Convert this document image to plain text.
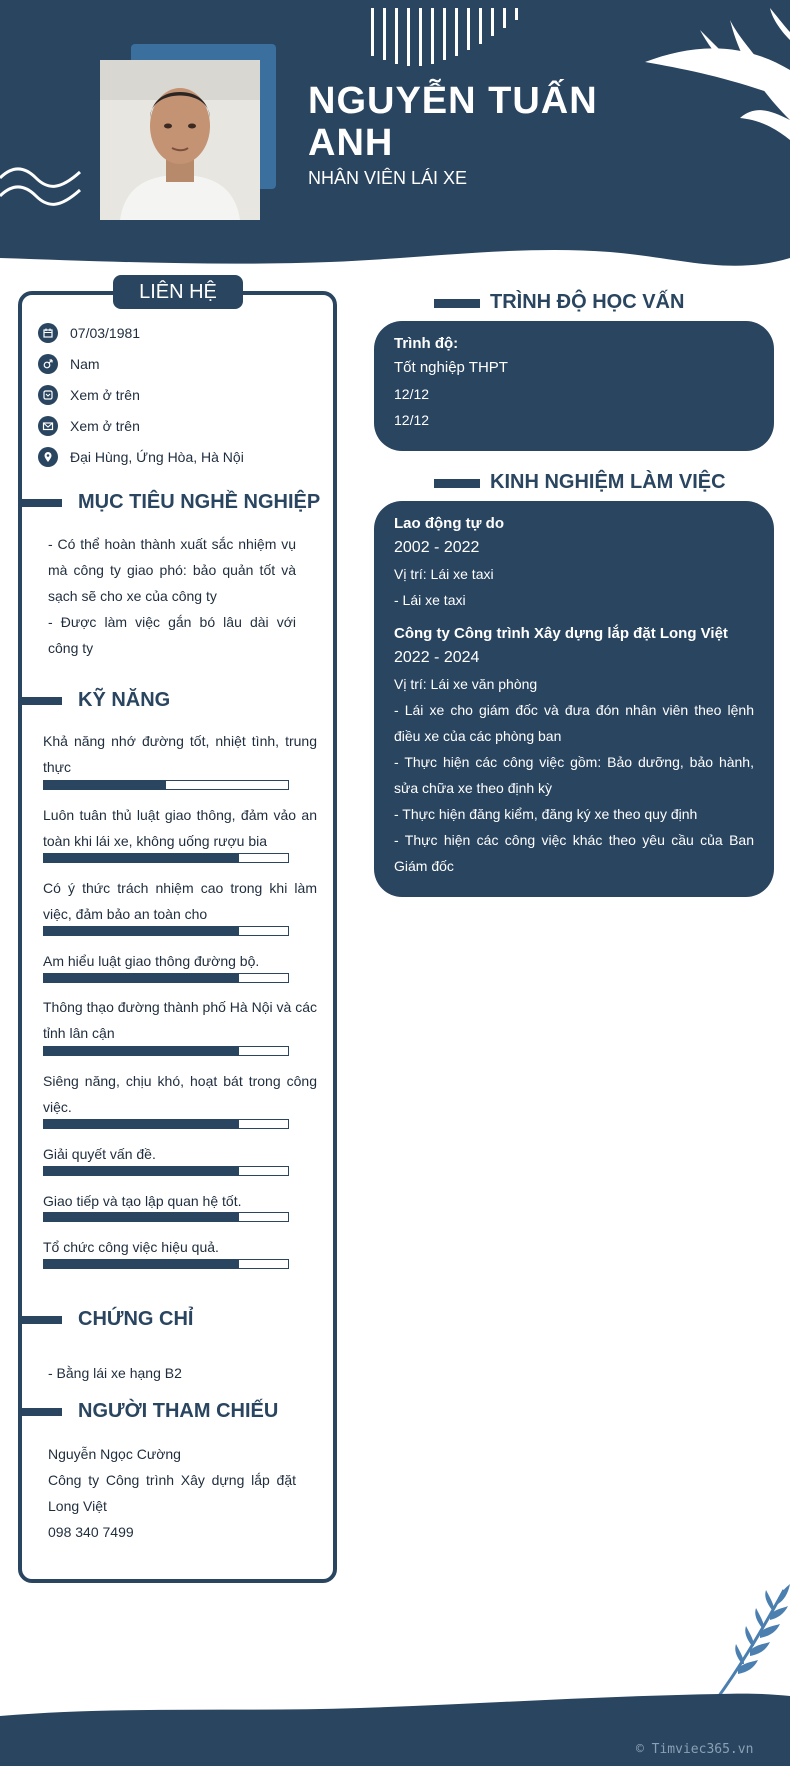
NGUYỄN TUẤN ANH
NHÂN VIÊN LÁI XE
LIÊN HỆ
07/03/1981
Nam
Xem ở trên
Xem ở trên
Đại Hùng, Ứng Hòa, Hà Nội
MỤC TIÊU NGHỀ NGHIỆP
- Có thể hoàn thành xuất sắc nhiệm vụ mà công ty giao phó: bảo quản tốt và sạch sẽ cho xe của công ty
- Được làm việc gắn bó lâu dài với công ty
KỸ NĂNG
Khả năng nhớ đường tốt, nhiệt tình, trung thực
Luôn tuân thủ luật giao thông, đảm vảo an toàn khi lái xe, không uống rượu bia
Có ý thức trách nhiệm cao trong khi làm việc, đảm bảo an toàn cho
Am hiểu luật giao thông đường bộ.
Thông thạo đường thành phố Hà Nội và các tỉnh lân cận
Siêng năng, chịu khó, hoạt bát trong công việc.
Giải quyết vấn đề.
Giao tiếp và tạo lập quan hệ tốt.
Tổ chức công việc hiệu quả.
CHỨNG CHỈ
- Bằng lái xe hạng B2
NGƯỜI THAM CHIẾU
Nguyễn Ngọc Cường
Công ty Công trình Xây dựng lắp đặt Long Việt
098 340 7499
TRÌNH ĐỘ HỌC VẤN
Trình độ:
Tốt nghiệp THPT
12/12
12/12
KINH NGHIỆM LÀM VIỆC
Lao động tự do
2002 - 2022
Vị trí: Lái xe taxi
- Lái xe taxi
Công ty Công trình Xây dựng lắp đặt Long Việt
2022 - 2024
Vị trí: Lái xe văn phòng
- Lái xe cho giám đốc và đưa đón nhân viên theo lệnh điều xe của các phòng ban
- Thực hiện các công việc gồm: Bảo dưỡng, bảo hành, sửa chữa xe theo định kỳ
- Thực hiện đăng kiểm, đăng ký xe theo quy định
- Thực hiện các công việc khác theo yêu cầu của Ban Giám đốc
© Timviec365.vn
